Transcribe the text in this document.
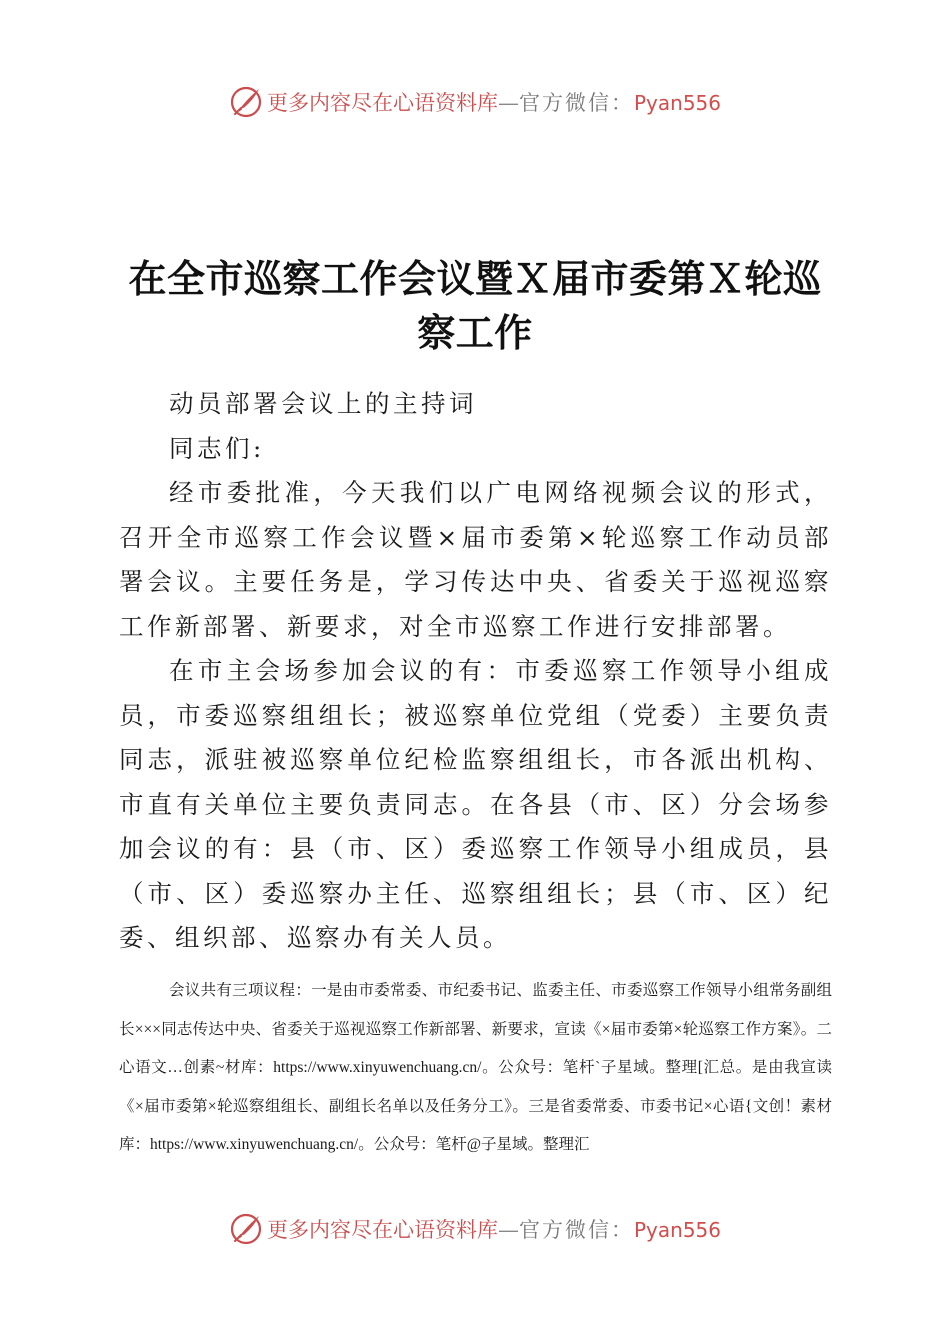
更多内容尽在心语资料库—官方微信：Pyan556
在全市巡察工作会议暨Ｘ届市委第Ｘ轮巡察工作

动员部署会议上的主持词

同志们:

经市委批准，今天我们以广电网络视频会议的形式，召开全市巡察工作会议暨×届市委第×轮巡察工作动员部署会议。主要任务是，学习传达中央、省委关于巡视巡察工作新部署、新要求，对全市巡察工作进行安排部署。

在市主会场参加会议的有：市委巡察工作领导小组成员，市委巡察组组长；被巡察单位党组（党委）主要负责同志，派驻被巡察单位纪检监察组组长，市各派出机构、市直有关单位主要负责同志。在各县（市、区）分会场参加会议的有：县（市、区）委巡察工作领导小组成员，县（市、区）委巡察办主任、巡察组组长；县（市、区）纪委、组织部、巡察办有关人员。

会议共有三项议程：一是由市委常委、市纪委书记、监委主任、市委巡察工作领导小组常务副组长×××同志传达中央、省委关于巡视巡察工作新部署、新要求，宣读《×届市委第×轮巡察工作方案》。二心语文…创素~材库：https://www.xinyuwenchuang.cn/。公众号：笔杆`子星域。整理[汇总。是由我宣读《×届市委第×轮巡察组组长、副组长名单以及任务分工》。三是省委常委、市委书记×心语{文创！素材库：https://www.xinyuwenchuang.cn/。公众号：笔杆@子星域。整理汇

更多内容尽在心语资料库—官方微信：Pyan556
